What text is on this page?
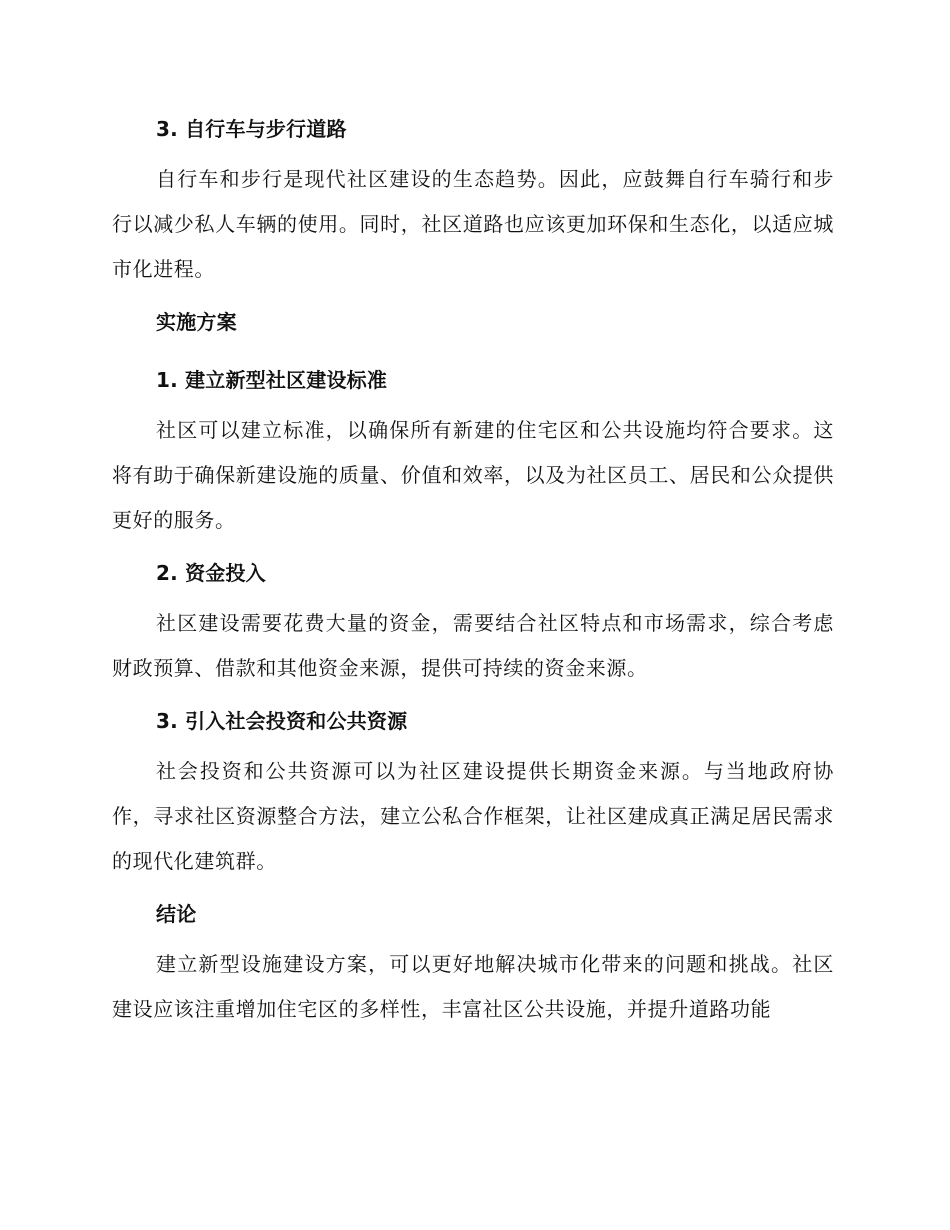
3. 自行车与步行道路

自行车和步行是现代社区建设的生态趋势。因此，应鼓舞自行车骑行和步行以减少私人车辆的使用。同时，社区道路也应该更加环保和生态化，以适应城市化进程。

实施方案
1. 建立新型社区建设标准

社区可以建立标准，以确保所有新建的住宅区和公共设施均符合要求。这将有助于确保新建设施的质量、价值和效率，以及为社区员工、居民和公众提供更好的服务。

2. 资金投入

社区建设需要花费大量的资金，需要结合社区特点和市场需求，综合考虑财政预算、借款和其他资金来源，提供可持续的资金来源。

3. 引入社会投资和公共资源

社会投资和公共资源可以为社区建设提供长期资金来源。与当地政府协作，寻求社区资源整合方法，建立公私合作框架，让社区建成真正满足居民需求的现代化建筑群。

结论

建立新型设施建设方案，可以更好地解决城市化带来的问题和挑战。社区建设应该注重增加住宅区的多样性，丰富社区公共设施，并提升道路功能
